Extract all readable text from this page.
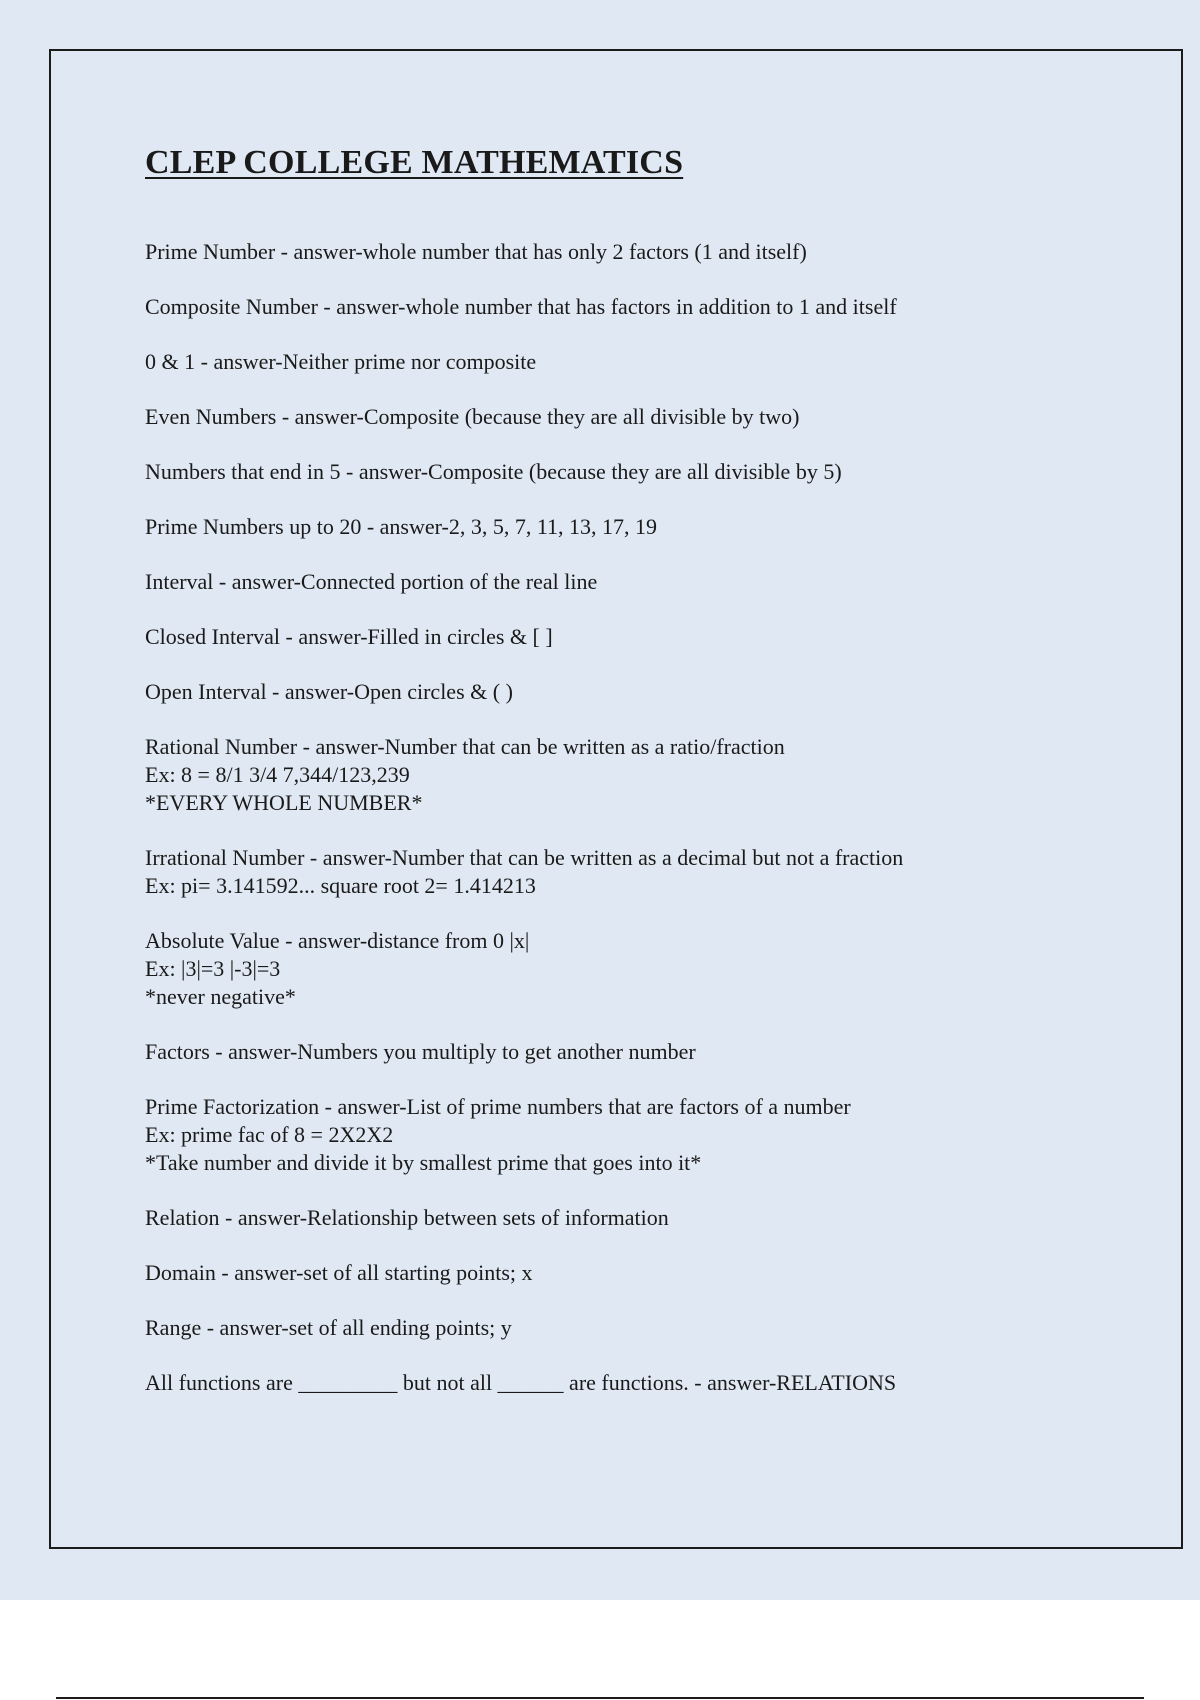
CLEP COLLEGE MATHEMATICS
Prime Number - answer-whole number that has only 2 factors (1 and itself)
Composite Number - answer-whole number that has factors in addition to 1 and itself
0 & 1 - answer-Neither prime nor composite
Even Numbers - answer-Composite (because they are all divisible by two)
Numbers that end in 5 - answer-Composite (because they are all divisible by 5)
Prime Numbers up to 20 - answer-2, 3, 5, 7, 11, 13, 17, 19
Interval - answer-Connected portion of the real line
Closed Interval - answer-Filled in circles & [ ]
Open Interval - answer-Open circles & ( )
Rational Number - answer-Number that can be written as a ratio/fraction
Ex: 8 = 8/1 3/4 7,344/123,239
*EVERY WHOLE NUMBER*
Irrational Number - answer-Number that can be written as a decimal but not a fraction
Ex: pi= 3.141592... square root 2= 1.414213
Absolute Value - answer-distance from 0 |x|
Ex: |3|=3 |-3|=3
*never negative*
Factors - answer-Numbers you multiply to get another number
Prime Factorization - answer-List of prime numbers that are factors of a number
Ex: prime fac of 8 = 2X2X2
*Take number and divide it by smallest prime that goes into it*
Relation - answer-Relationship between sets of information
Domain - answer-set of all starting points; x
Range - answer-set of all ending points; y
All functions are _________ but not all ______ are functions. - answer-RELATIONS
